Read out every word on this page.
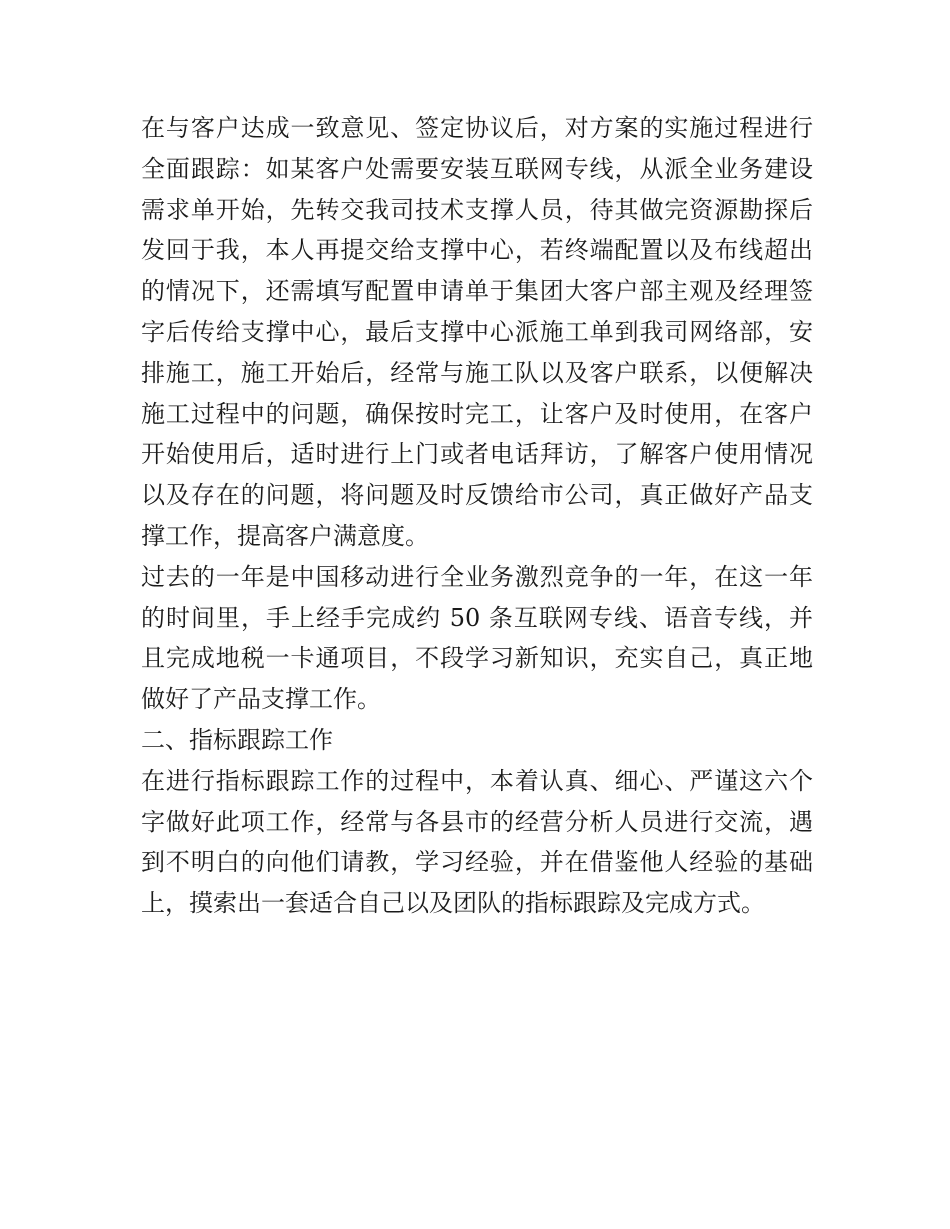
在与客户达成一致意见、签定协议后，对方案的实施过程进行
全面跟踪：如某客户处需要安装互联网专线，从派全业务建设
需求单开始，先转交我司技术支撑人员，待其做完资源勘探后
发回于我，本人再提交给支撑中心，若终端配置以及布线超出
的情况下，还需填写配置申请单于集团大客户部主观及经理签
字后传给支撑中心，最后支撑中心派施工单到我司网络部，安
排施工，施工开始后，经常与施工队以及客户联系，以便解决
施工过程中的问题，确保按时完工，让客户及时使用，在客户
开始使用后，适时进行上门或者电话拜访，了解客户使用情况
以及存在的问题，将问题及时反馈给市公司，真正做好产品支
撑工作，提高客户满意度。
过去的一年是中国移动进行全业务激烈竞争的一年，在这一年
的时间里，手上经手完成约 50 条互联网专线、语音专线，并
且完成地税一卡通项目，不段学习新知识，充实自己，真正地
做好了产品支撑工作。
二、指标跟踪工作
在进行指标跟踪工作的过程中，本着认真、细心、严谨这六个
字做好此项工作，经常与各县市的经营分析人员进行交流，遇
到不明白的向他们请教，学习经验，并在借鉴他人经验的基础
上，摸索出一套适合自己以及团队的指标跟踪及完成方式。
